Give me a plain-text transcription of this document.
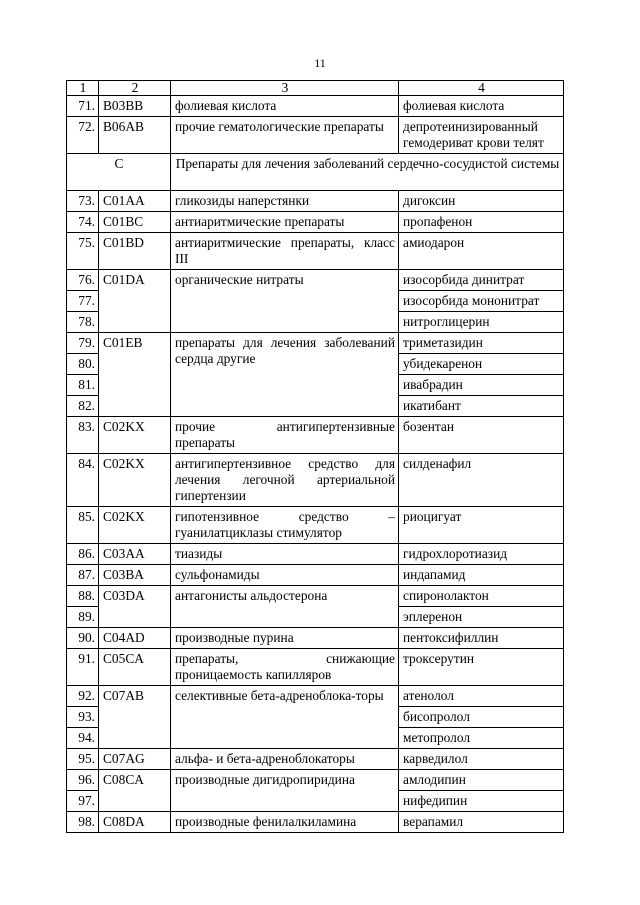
11
1	2	3	4
71.	B03BB	фолиевая кислота	фолиевая кислота
72.	B06AB	прочие гематологические препараты	депротеинизированный гемодериват крови телят
C		Препараты для лечения заболеваний сердечно-сосудистой системы	
73.	C01AA	гликозиды наперстянки	дигоксин
74.	C01BC	антиаритмические препараты	пропафенон
75.	C01BD	антиаритмические препараты, класс III	амиодарон
76.	C01DA	органические нитраты	изосорбида динитрат
77.			изосорбида мононитрат
78.			нитроглицерин
79.	C01EB	препараты для лечения заболеваний сердца другие	триметазидин
80.			убидекаренон
81.			ивабрадин
82.			икатибант
83.	C02KX	прочие антигипертензивные препараты	бозентан
84.	C02KX	антигипертензивное средство для лечения легочной артериальной гипертензии	силденафил
85.	C02KX	гипотензивное средство – гуанилатциклазы стимулятор	риоцигуат
86.	C03AA	тиазиды	гидрохлоротиазид
87.	C03BA	сульфонамиды	индапамид
88.	C03DA	антагонисты альдостерона	спиронолактон
89.			эплеренон
90.	C04AD	производные пурина	пентоксифиллин
91.	C05CA	препараты, снижающие проницаемость капилляров	троксерутин
92.	C07AB	селективные бета-адреноблока-торы	атенолол
93.			бисопролол
94.			метопролол
95.	C07AG	альфа- и бета-адреноблокаторы	карведилол
96.	C08CA	производные дигидропиридина	амлодипин
97.			нифедипин
98.	C08DA	производные фенилалкиламина	верапамил
